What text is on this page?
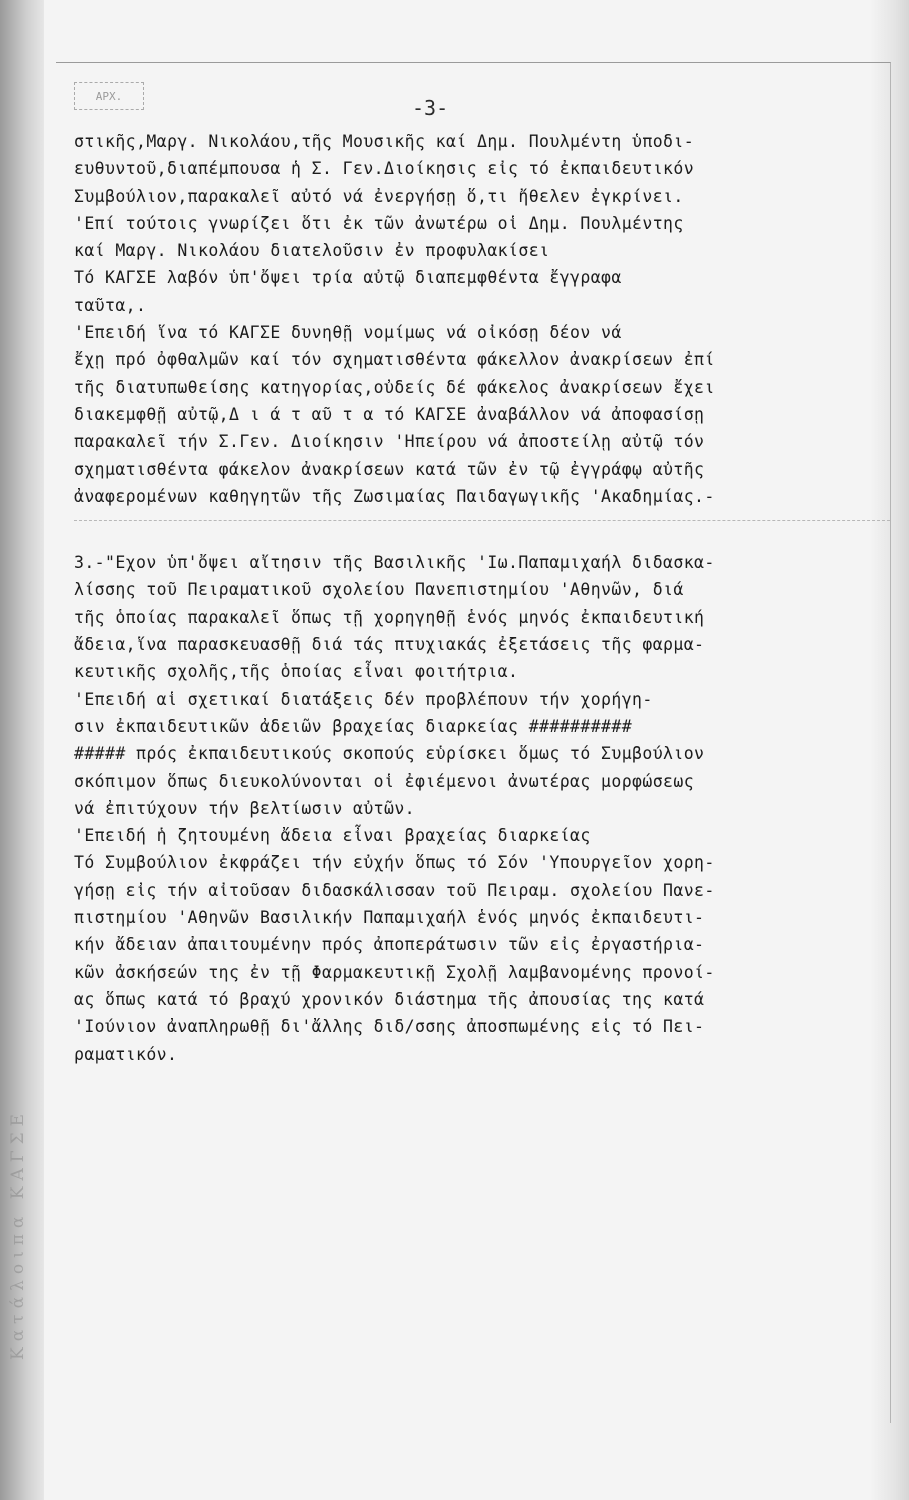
Κατάλοιπα ΚΑΓΣΕ
ΑΡΧ.	-3-
στικῆς,Μαργ. Νικολάου,τῆς Μουσικῆς καί Δημ. Πουλμέντη ὑποδι-
ευθυντοῦ,διαπέμπουσα ἡ Σ. Γεν.Διοίκησις εἰς τό ἐκπαιδευτικόν
Συμβούλιον,παρακαλεῖ αὐτό νά ἐνεργήσῃ ὅ,τι ἤθελεν ἐγκρίνει.
'Επί τούτοις γνωρίζει ὅτι ἐκ τῶν ἀνωτέρω οἱ Δημ. Πουλμέντης
καί Μαργ. Νικολάου διατελοῦσιν ἐν προφυλακίσει
Τό ΚΑΓΣΕ λαβόν ὑπ'ὄψει τρία αὐτῷ διαπεμφθέντα ἔγγραφα
ταῦτα,.
'Επειδή ἵνα τό ΚΑΓΣΕ δυνηθῇ νομίμως νά οἰκόσῃ δέον νά
ἔχῃ πρό ὀφθαλμῶν καί τόν σχηματισθέντα φάκελλον ἀνακρίσεων ἐπί
τῆς διατυπωθείσης κατηγορίας,οὐδείς δέ φάκελος ἀνακρίσεων ἔχει
διακεμφθῇ αὐτῷ,Δ ι ά τ αῦ τ α τό ΚΑΓΣΕ ἀναβάλλον νά ἀποφασίσῃ
παρακαλεῖ τήν Σ.Γεν. Διοίκησιν 'Ηπείρου νά ἀποστείλῃ αὐτῷ τόν
σχηματισθέντα φάκελον ἀνακρίσεων κατά τῶν ἐν τῷ ἐγγράφῳ αὐτῆς
ἀναφερομένων καθηγητῶν τῆς Ζωσιμαίας Παιδαγωγικῆς 'Ακαδημίας.-
3.-"Εχον ὑπ'ὄψει αἴτησιν τῆς Βασιλικῆς 'Ιω.Παπαμιχαήλ διδασκα-
λίσσης τοῦ Πειραματικοῦ σχολείου Πανεπιστημίου 'Αθηνῶν, διά
τῆς ὁποίας παρακαλεῖ ὅπως τῇ χορηγηθῇ ἑνός μηνός ἐκπαιδευτική
ἄδεια,ἵνα παρασκευασθῇ διά τάς πτυχιακάς ἐξετάσεις τῆς φαρμα-
κευτικῆς σχολῆς,τῆς ὁποίας εἶναι φοιτήτρια.
'Επειδή αἱ σχετικαί διατάξεις δέν προβλέπουν τήν χορήγη-
σιν ἐκπαιδευτικῶν ἀδειῶν βραχείας διαρκείας ##########
##### πρός ἐκπαιδευτικούς σκοπούς εὑρίσκει ὅμως τό Συμβούλιον
σκόπιμον ὅπως διευκολύνονται οἱ ἐφιέμενοι ἀνωτέρας μορφώσεως
νά ἐπιτύχουν τήν βελτίωσιν αὐτῶν.
'Επειδή ἡ ζητουμένη ἄδεια εἶναι βραχείας διαρκείας
Τό Συμβούλιον ἐκφράζει τήν εὐχήν ὅπως τό Σόν 'Υπουργεῖον χορη-
γήσῃ εἰς τήν αἰτοῦσαν διδασκάλισσαν τοῦ Πειραμ. σχολείου Πανε-
πιστημίου 'Αθηνῶν Βασιλικήν Παπαμιχαήλ ἑνός μηνός ἐκπαιδευτι-
κήν ἄδειαν ἀπαιτουμένην πρός ἀποπεράτωσιν τῶν εἰς ἐργαστήρια-
κῶν ἀσκήσεών της ἐν τῇ Φαρμακευτικῇ Σχολῇ λαμβανομένης προνοί-
ας ὅπως κατά τό βραχύ χρονικόν διάστημα τῆς ἀπουσίας της κατά
'Ιούνιον ἀναπληρωθῇ δι'ἄλλης διδ/σσης ἀποσπωμένης εἰς τό Πει-
ραματικόν.
